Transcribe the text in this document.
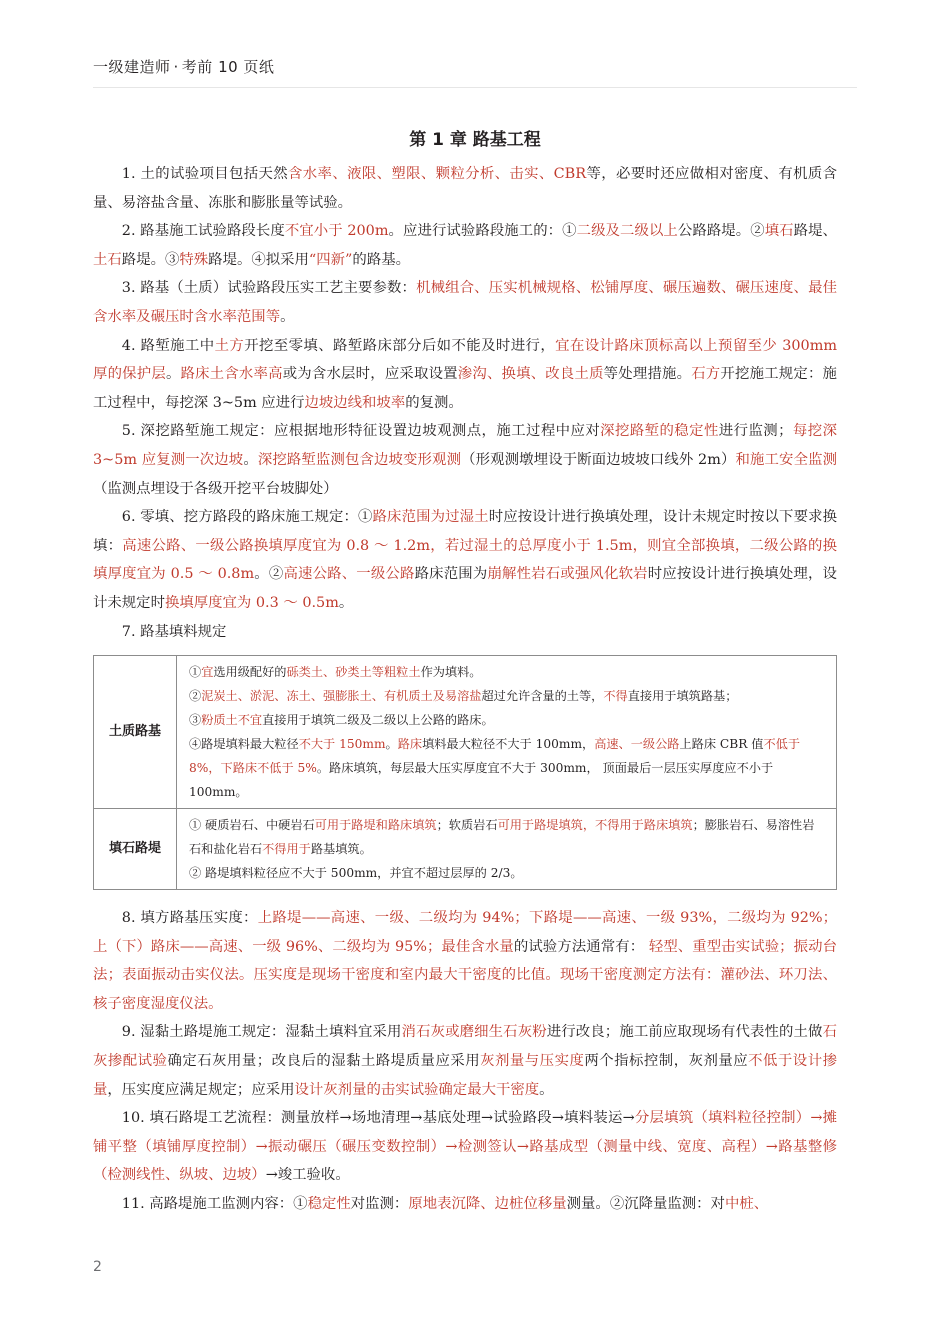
一级建造师 · 考前 10 页纸
第 1 章 路基工程
1. 土的试验项目包括天然含水率、液限、塑限、颗粒分析、击实、CBR等，必要时还应做相对密度、有机质含量、易溶盐含量、冻胀和膨胀量等试验。
2. 路基施工试验路段长度不宜小于 200m。应进行试验路段施工的：①二级及二级以上公路路堤。②填石路堤、土石路堤。③特殊路堤。④拟采用“四新”的路基。
3. 路基（土质）试验路段压实工艺主要参数：机械组合、压实机械规格、松铺厚度、碾压遍数、碾压速度、最佳含水率及碾压时含水率范围等。
4. 路堑施工中土方开挖至零填、路堑路床部分后如不能及时进行，宜在设计路床顶标高以上预留至少 300mm 厚的保护层。路床土含水率高或为含水层时，应采取设置渗沟、换填、改良土质等处理措施。石方开挖施工规定：施工过程中，每挖深 3~5m 应进行边坡边线和坡率的复测。
5. 深挖路堑施工规定：应根据地形特征设置边坡观测点，施工过程中应对深挖路堑的稳定性进行监测；每挖深 3~5m 应复测一次边坡。深挖路堑监测包含边坡变形观测（形观测墩埋设于断面边坡坡口线外 2m）和施工安全监测（监测点埋设于各级开挖平台坡脚处）
6. 零填、挖方路段的路床施工规定：①路床范围为过湿土时应按设计进行换填处理，设计未规定时按以下要求换填：高速公路、一级公路换填厚度宜为 0.8 ～ 1.2m，若过湿土的总厚度小于 1.5m，则宜全部换填，二级公路的换填厚度宜为 0.5 ～ 0.8m。②高速公路、一级公路路床范围为崩解性岩石或强风化软岩时应按设计进行换填处理，设计未规定时换填厚度宜为 0.3 ～ 0.5m。
7. 路基填料规定
土质路基	①宜选用级配好的砾类土、砂类土等粗粒土作为填料。
②泥炭土、淤泥、冻土、强膨胀土、有机质土及易溶盐超过允许含量的土等，不得直接用于填筑路基；
③粉质土不宜直接用于填筑二级及二级以上公路的路床。
④路堤填料最大粒径不大于 150mm。路床填料最大粒径不大于 100mm，高速、一级公路上路床 CBR 值不低于 8%，下路床不低于 5%。路床填筑，每层最大压实厚度宜不大于 300mm， 顶面最后一层压实厚度应不小于 100mm。

填石路堤	① 硬质岩石、中硬岩石可用于路堤和路床填筑；软质岩石可用于路堤填筑，不得用于路床填筑；膨胀岩石、易溶性岩石和盐化岩石不得用于路基填筑。
② 路堤填料粒径应不大于 500mm，并宜不超过层厚的 2/3。
8. 填方路基压实度：上路堤——高速、一级、二级均为 94%；下路堤——高速、一级 93%，二级均为 92%；上（下）路床——高速、一级 96%、二级均为 95%；最佳含水量的试验方法通常有： 轻型、重型击实试验；振动台法；表面振动击实仪法。压实度是现场干密度和室内最大干密度的比值。现场干密度测定方法有：灌砂法、环刀法、核子密度湿度仪法。
9. 湿黏土路堤施工规定：湿黏土填料宜采用消石灰或磨细生石灰粉进行改良；施工前应取现场有代表性的土做石灰掺配试验确定石灰用量；改良后的湿黏土路堤质量应采用灰剂量与压实度两个指标控制，灰剂量应不低于设计掺量，压实度应满足规定；应采用设计灰剂量的击实试验确定最大干密度。
10. 填石路堤工艺流程：测量放样→场地清理→基底处理→试验路段→填料装运→分层填筑（填料粒径控制）→摊铺平整（填铺厚度控制）→振动碾压（碾压变数控制）→检测签认→路基成型（测量中线、宽度、高程）→路基整修（检测线性、纵坡、边坡）→竣工验收。
11. 高路堤施工监测内容：①稳定性对监测：原地表沉降、边桩位移量测量。②沉降量监测：对中桩、
2
